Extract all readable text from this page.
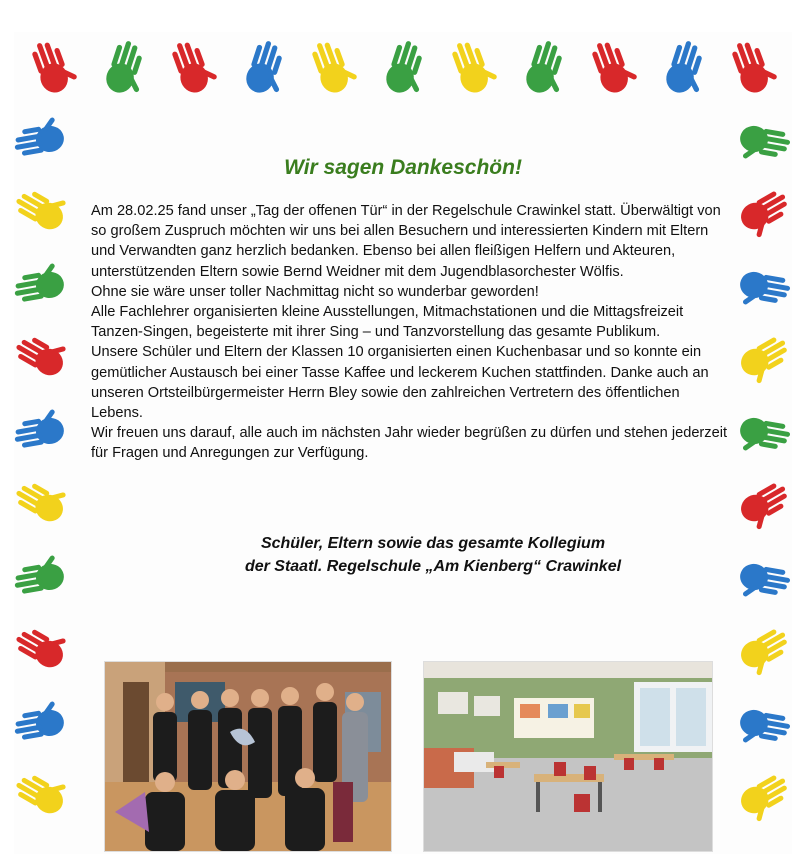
Wir sagen Dankeschön!

Am 28.02.25 fand unser „Tag der offenen Tür“ in der Regelschule Crawinkel statt. Überwältigt von so großem Zuspruch möchten wir uns bei allen Besuchern und interessierten Kindern mit Eltern und Verwandten ganz herzlich bedanken. Ebenso bei allen fleißigen Helfern und Akteuren, unterstützenden Eltern sowie Bernd Weidner mit dem Jugendblasorchester Wölfis.

Ohne sie wäre unser toller Nachmittag nicht so wunderbar geworden!

Alle Fachlehrer organisierten kleine Ausstellungen, Mitmachstationen und die Mittagsfreizeit Tanzen-Singen, begeisterte mit ihrer Sing – und Tanzvorstellung das gesamte Publikum.

Unsere Schüler und Eltern der Klassen 10 organisierten einen Kuchenbasar und so konnte ein gemütlicher Austausch bei einer Tasse Kaffee und leckerem Kuchen stattfinden. Danke auch an unseren Ortsteilbürgermeister Herrn Bley sowie den zahlreichen Vertretern des öffentlichen Lebens.

Wir freuen uns darauf, alle auch im nächsten Jahr wieder begrüßen zu dürfen und stehen jederzeit für Fragen und Anregungen zur Verfügung.

Schüler, Eltern sowie das gesamte Kollegium
der Staatl. Regelschule „Am Kienberg“ Crawinkel
